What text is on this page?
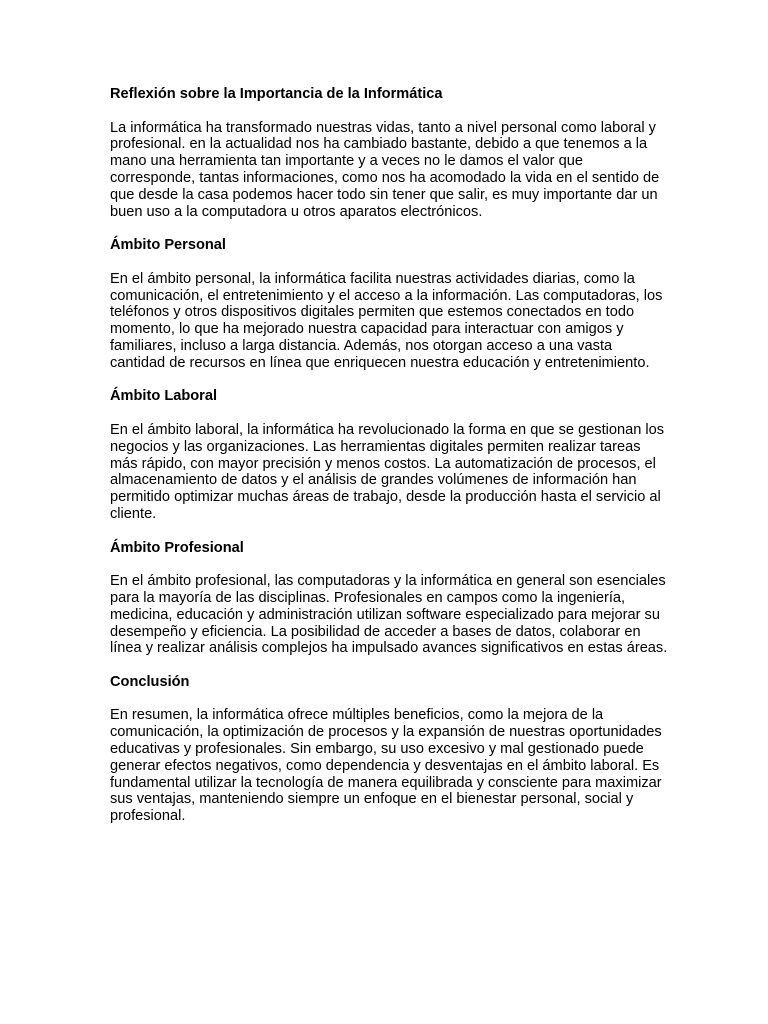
Reflexión sobre la Importancia de la Informática
La informática ha transformado nuestras vidas, tanto a nivel personal como laboral y profesional. en la actualidad nos ha cambiado bastante, debido a que tenemos a la mano una herramienta tan importante y a veces no le damos el valor que corresponde, tantas informaciones, como nos ha acomodado la vida en el sentido de que desde la casa podemos hacer todo sin tener que salir, es muy importante dar un buen uso a la computadora u otros aparatos electrónicos.
Ámbito Personal
En el ámbito personal, la informática facilita nuestras actividades diarias, como la comunicación, el entretenimiento y el acceso a la información. Las computadoras, los teléfonos y otros dispositivos digitales permiten que estemos conectados en todo momento, lo que ha mejorado nuestra capacidad para interactuar con amigos y familiares, incluso a larga distancia. Además, nos otorgan acceso a una vasta cantidad de recursos en línea que enriquecen nuestra educación y entretenimiento.
Ámbito Laboral
En el ámbito laboral, la informática ha revolucionado la forma en que se gestionan los negocios y las organizaciones. Las herramientas digitales permiten realizar tareas más rápido, con mayor precisión y menos costos. La automatización de procesos, el almacenamiento de datos y el análisis de grandes volúmenes de información han permitido optimizar muchas áreas de trabajo, desde la producción hasta el servicio al cliente.
Ámbito Profesional
En el ámbito profesional, las computadoras y la informática en general son esenciales para la mayoría de las disciplinas. Profesionales en campos como la ingeniería, medicina, educación y administración utilizan software especializado para mejorar su desempeño y eficiencia. La posibilidad de acceder a bases de datos, colaborar en línea y realizar análisis complejos ha impulsado avances significativos en estas áreas.
Conclusión
En resumen, la informática ofrece múltiples beneficios, como la mejora de la comunicación, la optimización de procesos y la expansión de nuestras oportunidades educativas y profesionales. Sin embargo, su uso excesivo y mal gestionado puede generar efectos negativos, como dependencia y desventajas en el ámbito laboral. Es fundamental utilizar la tecnología de manera equilibrada y consciente para maximizar sus ventajas, manteniendo siempre un enfoque en el bienestar personal, social y profesional.
